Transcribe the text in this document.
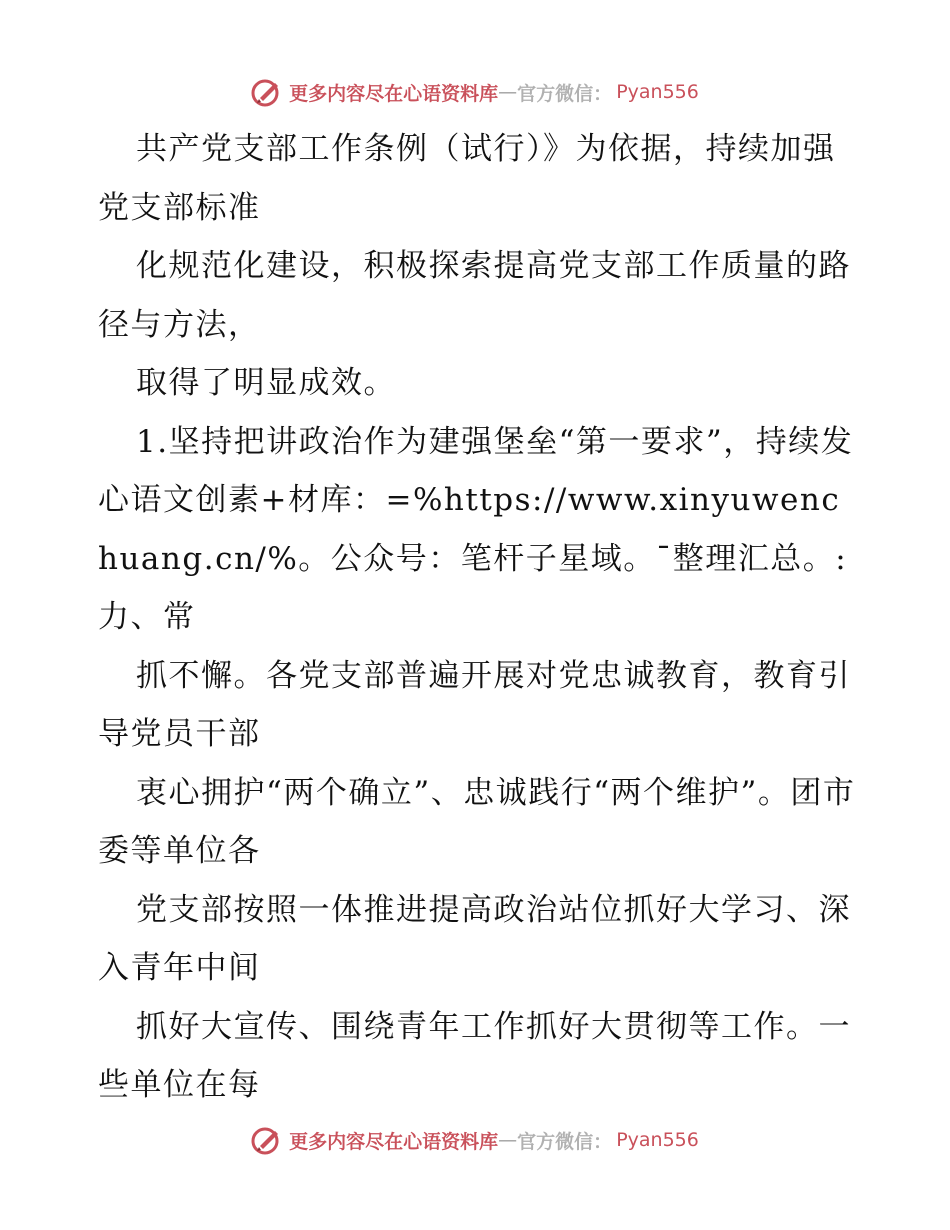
更多内容尽在心语资料库 — 官方微信： Pyan556

共产党支部工作条例（试行）》为依据，持续加强党支部标准

化规范化建设，积极探索提高党支部工作质量的路径与方法，

取得了明显成效。

1.坚持把讲政治作为建强堡垒“第一要求”，持续发心语文创素+材库：=%https://www.xinyuwenchuang.cn/%。公众号：笔杆子星域。¯整理汇总。:力、常

抓不懈。各党支部普遍开展对党忠诚教育，教育引导党员干部

衷心拥护“两个确立”、忠诚践行“两个维护”。团市委等单位各

党支部按照一体推进提高政治站位抓好大学习、深入青年中间

抓好大宣传、围绕青年工作抓好大贯彻等工作。一些单位在每

更多内容尽在心语资料库 — 官方微信： Pyan556
